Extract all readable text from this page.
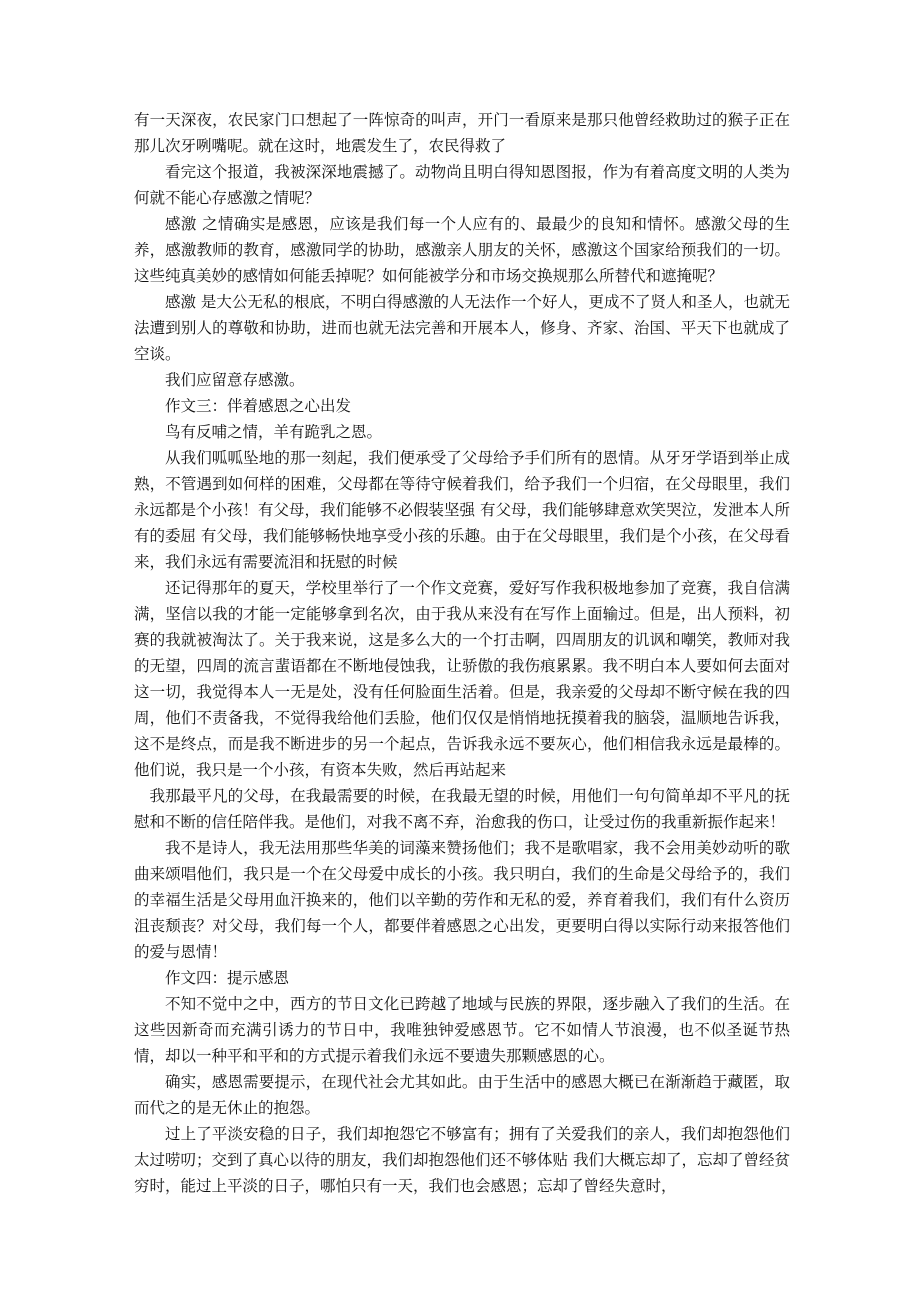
有一天深夜，农民家门口想起了一阵惊奇的叫声，开门一看原来是那只他曾经救助过的猴子正在那儿次牙咧嘴呢。就在这时，地震发生了，农民得救了

看完这个报道，我被深深地震撼了。动物尚且明白得知恩图报，作为有着高度文明的人类为何就不能心存感激之情呢？

感激 之情确实是感恩，应该是我们每一个人应有的、最最少的良知和情怀。感激父母的生养，感激教师的教育，感激同学的协助，感激亲人朋友的关怀，感激这个国家给预我们的一切。这些纯真美妙的感情如何能丢掉呢？如何能被学分和市场交换规那么所替代和遮掩呢？

感激 是大公无私的根底，不明白得感激的人无法作一个好人，更成不了贤人和圣人，也就无法遭到别人的尊敬和协助，进而也就无法完善和开展本人，修身、齐家、治国、平天下也就成了空谈。

我们应留意存感激。

作文三：伴着感恩之心出发

鸟有反哺之情，羊有跪乳之恩。

从我们呱呱坠地的那一刻起，我们便承受了父母给予手们所有的恩情。从牙牙学语到举止成熟，不管遇到如何样的困难，父母都在等待守候着我们，给予我们一个归宿，在父母眼里，我们永远都是个小孩！有父母，我们能够不必假装坚强 有父母，我们能够肆意欢笑哭泣，发泄本人所有的委屈 有父母，我们能够畅快地享受小孩的乐趣。由于在父母眼里，我们是个小孩，在父母看来，我们永远有需要流泪和抚慰的时候

还记得那年的夏天，学校里举行了一个作文竞赛，爱好写作我积极地参加了竞赛，我自信满满，坚信以我的才能一定能够拿到名次，由于我从来没有在写作上面输过。但是，出人预料，初赛的我就被淘汰了。关于我来说，这是多么大的一个打击啊，四周朋友的讥讽和嘲笑，教师对我的无望，四周的流言蜚语都在不断地侵蚀我，让骄傲的我伤痕累累。我不明白本人要如何去面对这一切，我觉得本人一无是处，没有任何脸面生活着。但是，我亲爱的父母却不断守候在我的四周，他们不责备我，不觉得我给他们丢脸，他们仅仅是悄悄地抚摸着我的脑袋，温顺地告诉我，这不是终点，而是我不断进步的另一个起点，告诉我永远不要灰心，他们相信我永远是最棒的。他们说，我只是一个小孩，有资本失败，然后再站起来

我那最平凡的父母，在我最需要的时候，在我最无望的时候，用他们一句句简单却不平凡的抚慰和不断的信任陪伴我。是他们，对我不离不弃，治愈我的伤口，让受过伤的我重新振作起来！

我不是诗人，我无法用那些华美的词藻来赞扬他们；我不是歌唱家，我不会用美妙动听的歌曲来颂唱他们，我只是一个在父母爱中成长的小孩。我只明白，我们的生命是父母给予的，我们的幸福生活是父母用血汗换来的，他们以辛勤的劳作和无私的爱，养育着我们，我们有什么资历沮丧颓丧？对父母，我们每一个人，都要伴着感恩之心出发，更要明白得以实际行动来报答他们的爱与恩情！

作文四：提示感恩

不知不觉中之中，西方的节日文化已跨越了地域与民族的界限，逐步融入了我们的生活。在这些因新奇而充满引诱力的节日中，我唯独钟爱感恩节。它不如情人节浪漫，也不似圣诞节热情，却以一种平和平和的方式提示着我们永远不要遗失那颗感恩的心。

确实，感恩需要提示，在现代社会尤其如此。由于生活中的感恩大概已在渐渐趋于藏匿，取而代之的是无休止的抱怨。

过上了平淡安稳的日子，我们却抱怨它不够富有；拥有了关爱我们的亲人，我们却抱怨他们太过唠叨；交到了真心以待的朋友，我们却抱怨他们还不够体贴 我们大概忘却了，忘却了曾经贫穷时，能过上平淡的日子，哪怕只有一天，我们也会感恩；忘却了曾经失意时，
